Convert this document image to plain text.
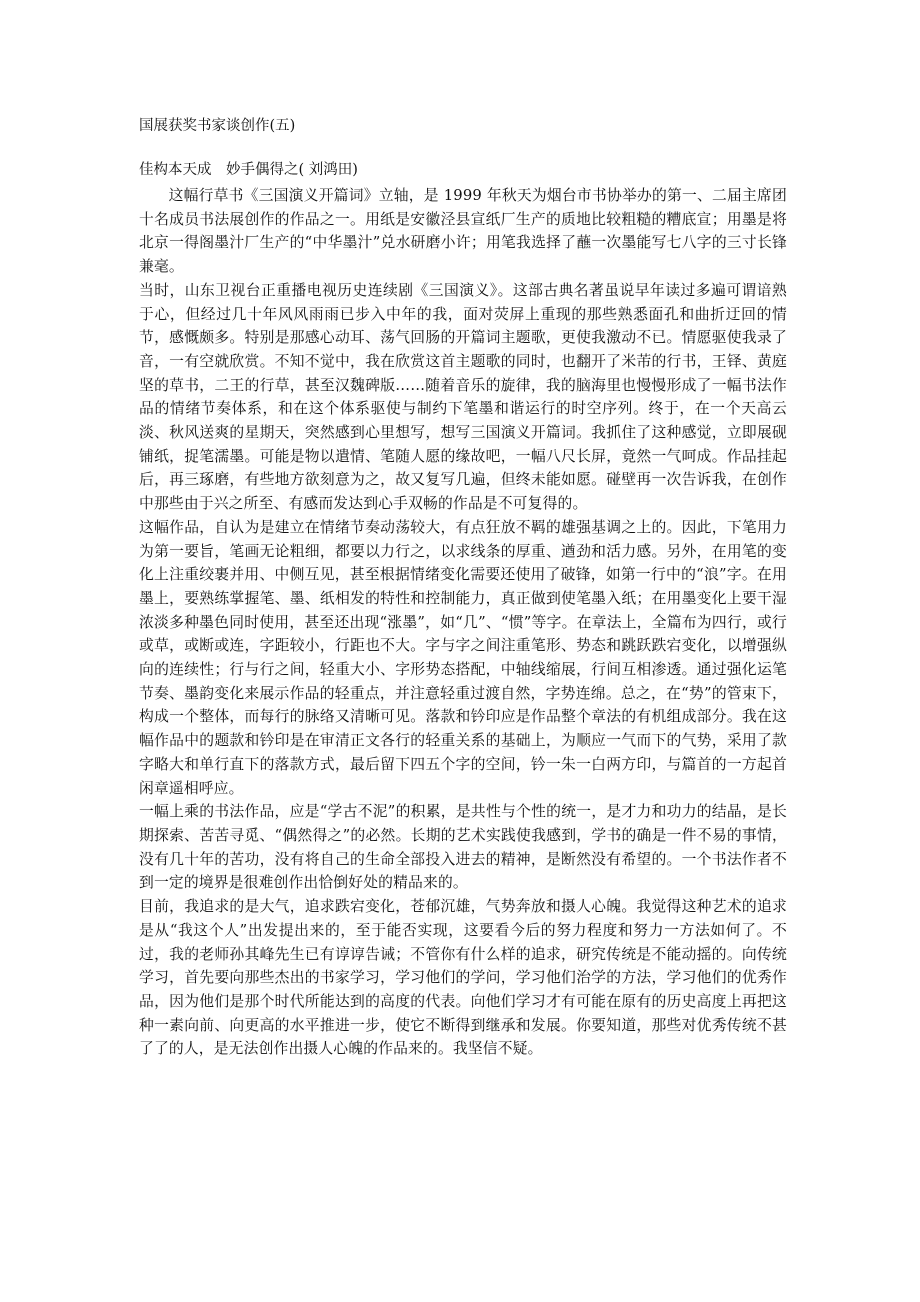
国展获奖书家谈创作(五)
佳构本天成　妙手偶得之( 刘鸿田)

这幅行草书《三国演义开篇词》立轴，是 1999 年秋天为烟台市书协举办的第一、二届主席团十名成员书法展创作的作品之一。用纸是安徽泾县宣纸厂生产的质地比较粗糙的糟底宣；用墨是将北京一得阁墨汁厂生产的“中华墨汁”兑水研磨小许；用笔我选择了蘸一次墨能写七八字的三寸长锋兼毫。

当时，山东卫视台正重播电视历史连续剧《三国演义》。这部古典名著虽说早年读过多遍可谓谙熟于心，但经过几十年风风雨雨已步入中年的我，面对荧屏上重现的那些熟悉面孔和曲折迂回的情节，感慨颇多。特别是那感心动耳、荡气回肠的开篇词主题歌，更使我激动不已。情愿驱使我录了音，一有空就欣赏。不知不觉中，我在欣赏这首主题歌的同时，也翻开了米芾的行书，王铎、黄庭坚的草书，二王的行草，甚至汉魏碑版……随着音乐的旋律，我的脑海里也慢慢形成了一幅书法作品的情绪节奏体系，和在这个体系驱使与制约下笔墨和谐运行的时空序列。终于，在一个天高云淡、秋风送爽的星期天，突然感到心里想写，想写三国演义开篇词。我抓住了这种感觉，立即展砚铺纸，捉笔濡墨。可能是物以遣情、笔随人愿的缘故吧，一幅八尺长屏，竟然一气呵成。作品挂起后，再三琢磨，有些地方欲刻意为之，故又复写几遍，但终未能如愿。碰壁再一次告诉我，在创作中那些由于兴之所至、有感而发达到心手双畅的作品是不可复得的。

这幅作品，自认为是建立在情绪节奏动荡较大，有点狂放不羁的雄强基调之上的。因此，下笔用力为第一要旨，笔画无论粗细，都要以力行之，以求线条的厚重、遒劲和活力感。另外，在用笔的变化上注重绞裹并用、中侧互见，甚至根据情绪变化需要还使用了破锋，如第一行中的“浪”字。在用墨上，要熟练掌握笔、墨、纸相发的特性和控制能力，真正做到使笔墨入纸；在用墨变化上要干湿浓淡多种墨色同时使用，甚至还出现“涨墨”，如“几”、“惯”等字。在章法上，全篇布为四行，或行或草，或断或连，字距较小，行距也不大。字与字之间注重笔形、势态和跳跃跌宕变化，以增强纵向的连续性；行与行之间，轻重大小、字形势态搭配，中轴线缩展，行间互相渗透。通过强化运笔节奏、墨韵变化来展示作品的轻重点，并注意轻重过渡自然，字势连绵。总之，在“势”的管束下，构成一个整体，而每行的脉络又清晰可见。落款和钤印应是作品整个章法的有机组成部分。我在这幅作品中的题款和钤印是在审清正文各行的轻重关系的基础上，为顺应一气而下的气势，采用了款字略大和单行直下的落款方式，最后留下四五个字的空间，钤一朱一白两方印，与篇首的一方起首闲章遥相呼应。

一幅上乘的书法作品，应是“学古不泥”的积累，是共性与个性的统一，是才力和功力的结晶，是长期探索、苦苦寻觅、“偶然得之”的必然。长期的艺术实践使我感到，学书的确是一件不易的事情，没有几十年的苦功，没有将自己的生命全部投入进去的精神，是断然没有希望的。一个书法作者不到一定的境界是很难创作出恰倒好处的精品来的。

目前，我追求的是大气，追求跌宕变化，苍郁沉雄，气势奔放和摄人心魄。我觉得这种艺术的追求是从“我这个人”出发提出来的，至于能否实现，这要看今后的努力程度和努力一方法如何了。不过，我的老师孙其峰先生已有谆谆告诫；不管你有什么样的追求，研究传统是不能动摇的。向传统学习，首先要向那些杰出的书家学习，学习他们的学问，学习他们治学的方法，学习他们的优秀作品，因为他们是那个时代所能达到的高度的代表。向他们学习才有可能在原有的历史高度上再把这种一素向前、向更高的水平推进一步，使它不断得到继承和发展。你要知道，那些对优秀传统不甚了了的人，是无法创作出摄人心魄的作品来的。我坚信不疑。
